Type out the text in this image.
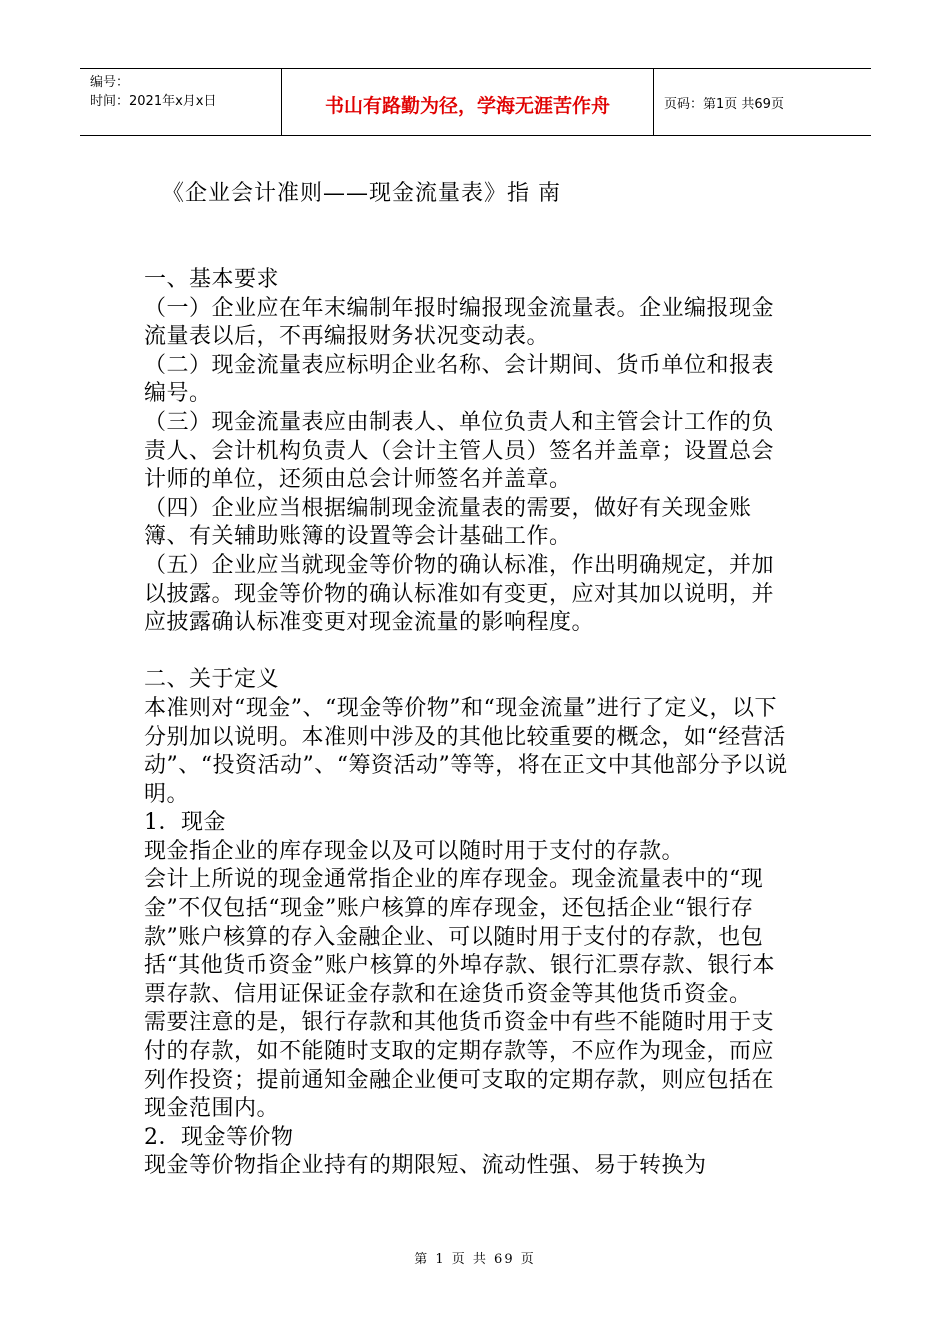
编号：
时间：2021年x月x日	书山有路勤为径，学海无涯苦作舟	页码：第1页 共69页
《企业会计准则——现金流量表》指 南

一、基本要求

（一）企业应在年末编制年报时编报现金流量表。企业编报现金流量表以后，不再编报财务状况变动表。

（二）现金流量表应标明企业名称、会计期间、货币单位和报表编号。

（三）现金流量表应由制表人、单位负责人和主管会计工作的负责人、会计机构负责人（会计主管人员）签名并盖章；设置总会计师的单位，还须由总会计师签名并盖章。

（四）企业应当根据编制现金流量表的需要，做好有关现金账簿、有关辅助账簿的设置等会计基础工作。

（五）企业应当就现金等价物的确认标准，作出明确规定，并加以披露。现金等价物的确认标准如有变更，应对其加以说明，并应披露确认标准变更对现金流量的影响程度。

二、关于定义

本准则对“现金”、“现金等价物”和“现金流量”进行了定义，以下分别加以说明。本准则中涉及的其他比较重要的概念，如“经营活动”、“投资活动”、“筹资活动”等等，将在正文中其他部分予以说明。

1．现金

现金指企业的库存现金以及可以随时用于支付的存款。

会计上所说的现金通常指企业的库存现金。现金流量表中的“现金”不仅包括“现金”账户核算的库存现金，还包括企业“银行存款”账户核算的存入金融企业、可以随时用于支付的存款，也包括“其他货币资金”账户核算的外埠存款、银行汇票存款、银行本票存款、信用证保证金存款和在途货币资金等其他货币资金。

需要注意的是，银行存款和其他货币资金中有些不能随时用于支付的存款，如不能随时支取的定期存款等，不应作为现金，而应列作投资；提前通知金融企业便可支取的定期存款，则应包括在现金范围内。

2．现金等价物

现金等价物指企业持有的期限短、流动性强、易于转换为

第 1 页 共 69 页
